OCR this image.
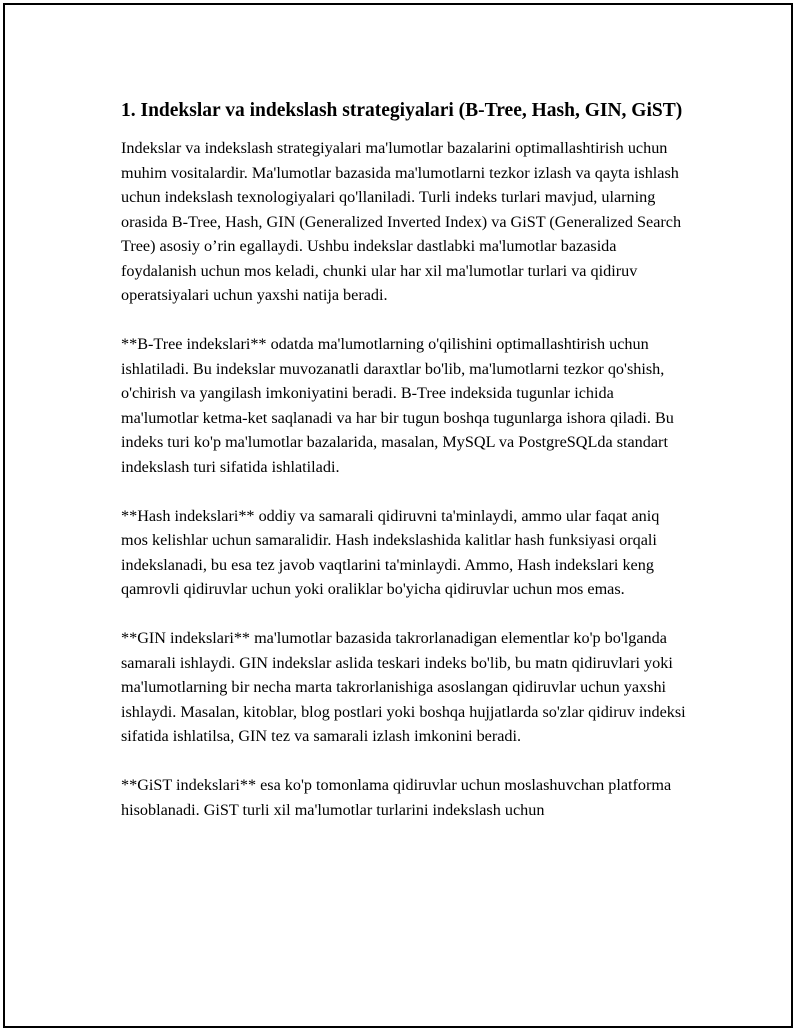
1. Indekslar va indekslash strategiyalari (B-Tree, Hash, GIN, GiST)

Indekslar va indekslash strategiyalari ma'lumotlar bazalarini optimallashtirish uchun muhim vositalardir. Ma'lumotlar bazasida ma'lumotlarni tezkor izlash va qayta ishlash uchun indekslash texnologiyalari qo'llaniladi. Turli indeks turlari mavjud, ularning orasida B-Tree, Hash, GIN (Generalized Inverted Index) va GiST (Generalized Search Tree) asosiy o’rin egallaydi. Ushbu indekslar dastlabki ma'lumotlar bazasida foydalanish uchun mos keladi, chunki ular har xil ma'lumotlar turlari va qidiruv operatsiyalari uchun yaxshi natija beradi.

**B-Tree indekslari** odatda ma'lumotlarning o'qilishini optimallashtirish uchun ishlatiladi. Bu indekslar muvozanatli daraxtlar bo'lib, ma'lumotlarni tezkor qo'shish, o'chirish va yangilash imkoniyatini beradi. B-Tree indeksida tugunlar ichida ma'lumotlar ketma-ket saqlanadi va har bir tugun boshqa tugunlarga ishora qiladi. Bu indeks turi ko'p ma'lumotlar bazalarida, masalan, MySQL va PostgreSQLda standart indekslash turi sifatida ishlatiladi.

**Hash indekslari** oddiy va samarali qidiruvni ta'minlaydi, ammo ular faqat aniq mos kelishlar uchun samaralidir. Hash indekslashida kalitlar hash funksiyasi orqali indekslanadi, bu esa tez javob vaqtlarini ta'minlaydi. Ammo, Hash indekslari keng qamrovli qidiruvlar uchun yoki oraliklar bo'yicha qidiruvlar uchun mos emas.

**GIN indekslari** ma'lumotlar bazasida takrorlanadigan elementlar ko'p bo'lganda samarali ishlaydi. GIN indekslar aslida teskari indeks bo'lib, bu matn qidiruvlari yoki ma'lumotlarning bir necha marta takrorlanishiga asoslangan qidiruvlar uchun yaxshi ishlaydi. Masalan, kitoblar, blog postlari yoki boshqa hujjatlarda so'zlar qidiruv indeksi sifatida ishlatilsa, GIN tez va samarali izlash imkonini beradi.

**GiST indekslari** esa ko'p tomonlama qidiruvlar uchun moslashuvchan platforma hisoblanadi. GiST turli xil ma'lumotlar turlarini indekslash uchun
